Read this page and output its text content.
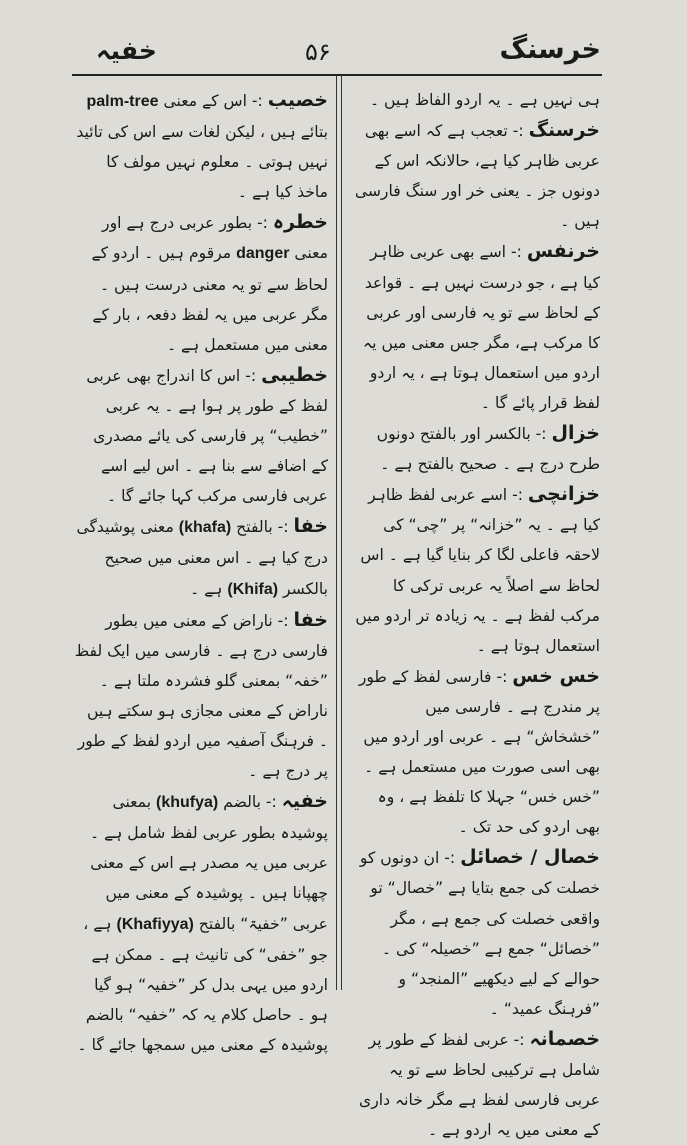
خرسنگ
۵۶
خفیہ

ہی نہیں ہے ۔ یہ اردو الفاظ ہیں ۔

خرسنگ :- تعجب ہے کہ اسے بھی عربی ظاہر کیا ہے، حالانکہ اس کے دونوں جز ۔ یعنی خر اور سنگ فارسی ہیں ۔

خرنفس :- اسے بھی عربی ظاہر کیا ہے ، جو درست نہیں ہے ۔ قواعد کے لحاظ سے تو یہ فارسی اور عربی کا مرکب ہے، مگر جس معنی میں یہ اردو میں استعمال ہوتا ہے ، یہ اردو لفظ قرار پائے گا ۔

خزال :- بالکسر اور بالفتح دونوں طرح درج ہے ۔ صحیح بالفتح ہے ۔

خزانچی :- اسے عربی لفظ ظاہر کیا ہے ۔ یہ ”خزانہ“ پر ”چی“ کی لاحقہ فاعلی لگا کر بنایا گیا ہے ۔ اس لحاظ سے اصلاً یہ عربی ترکی کا مرکب لفظ ہے ۔ یہ زیادہ تر اردو میں استعمال ہوتا ہے ۔

خس خس :- فارسی لفظ کے طور پر مندرج ہے ۔ فارسی میں ”خشخاش“ ہے ۔ عربی اور اردو میں بھی اسی صورت میں مستعمل ہے ۔ ”خس خس“ جہلا کا تلفظ ہے ، وہ بھی اردو کی حد تک ۔

خصال / خصائل :- ان دونوں کو خصلت کی جمع بتایا ہے ”خصال“ تو واقعی خصلت کی جمع ہے ، مگر ”خصائل“ جمع ہے ”خصیلہ“ کی ۔ حوالے کے لیے دیکھیے ”المنجد“ و ”فرہنگ عمید“ ۔

خصمانہ :- عربی لفظ کے طور پر شامل ہے ترکیبی لحاظ سے تو یہ عربی فارسی لفظ ہے مگر خانہ داری کے معنی میں یہ اردو ہے ۔

خصیب :- اس کے معنی palm-tree بتائے ہیں ، لیکن لغات سے اس کی تائید نہیں ہوتی ۔ معلوم نہیں مولف کا ماخذ کیا ہے ۔

خطرہ :- بطور عربی درج ہے اور معنی danger مرقوم ہیں ۔ اردو کے لحاظ سے تو یہ معنی درست ہیں ۔ مگر عربی میں یہ لفظ دفعہ ، بار کے معنی میں مستعمل ہے ۔

خطیبی :- اس کا اندراج بھی عربی لفظ کے طور پر ہوا ہے ۔ یہ عربی ”خطیب“ پر فارسی کی یائے مصدری کے اضافے سے بنا ہے ۔ اس لیے اسے عربی فارسی مرکب کہا جائے گا ۔

خفا :- بالفتح (khafa) معنی پوشیدگی درج کیا ہے ۔ اس معنی میں صحیح بالکسر (Khifa) ہے ۔

خفا :- ناراض کے معنی میں بطور فارسی درج ہے ۔ فارسی میں ایک لفظ ”خفہ“ بمعنی گلو فشردہ ملتا ہے ۔ ناراض کے معنی مجازی ہو سکتے ہیں ۔ فرہنگ آصفیہ میں اردو لفظ کے طور پر درج ہے ۔

خفیہ :- بالضم (khufya) بمعنی پوشیدہ بطور عربی لفظ شامل ہے ۔ عربی میں یہ مصدر ہے اس کے معنی چھپانا ہیں ۔ پوشیدہ کے معنی میں عربی ”خفیۃ“ بالفتح (Khafiyya) ہے ، جو ”خفی“ کی تانیث ہے ۔ ممکن ہے اردو میں یہی بدل کر ”خفیہ“ ہو گیا ہو ۔ حاصل کلام یہ کہ ”خفیہ“ بالضم پوشیدہ کے معنی میں سمجھا جائے گا ۔
